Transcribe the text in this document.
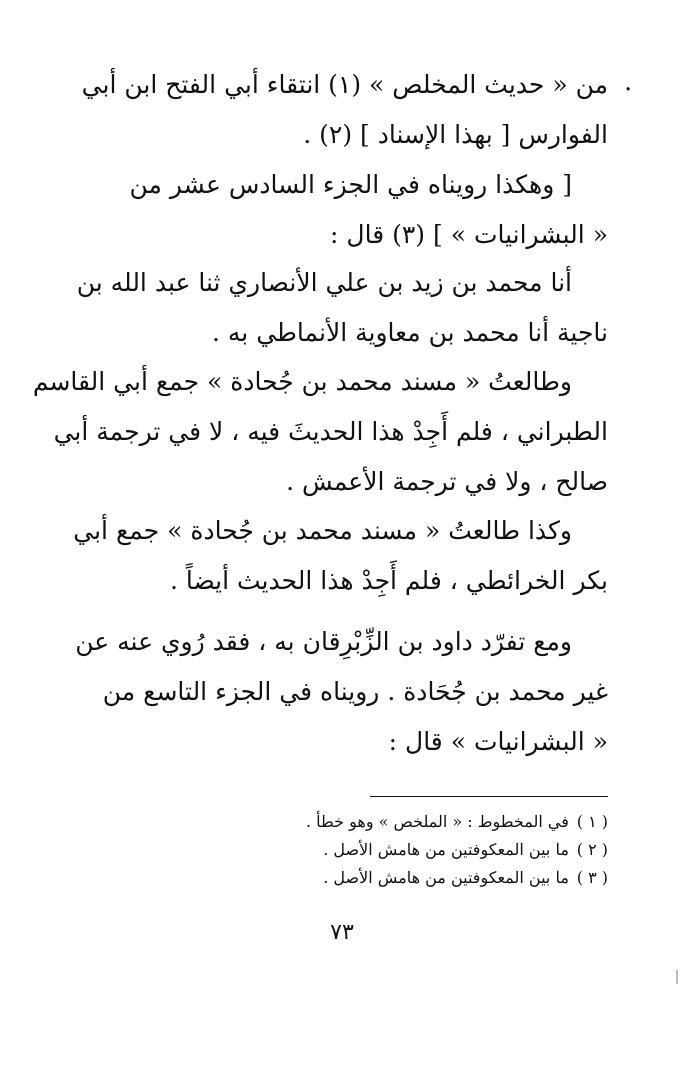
.
من « حديث المخلص » (١) انتقاء أبي الفتح ابن أبي
الفوارس [ بهذا الإسناد ] (٢) .
[ وهكذا رويناه في الجزء السادس عشر من
« البشرانيات » ] (٣) قال :
أنا محمد بن زيد بن علي الأنصاري ثنا عبد الله بن
ناجية أنا محمد بن معاوية الأنماطي به .
وطالعتُ « مسند محمد بن جُحادة » جمع أبي القاسم
الطبراني ، فلم أَجِدْ هذا الحديثَ فيه ، لا في ترجمة أبي
صالح ، ولا في ترجمة الأعمش .
وكذا طالعتُ « مسند محمد بن جُحادة » جمع أبي
بكر الخرائطي ، فلم أَجِدْ هذا الحديث أيضاً .
ومع تفرّد داود بن الزِّبْرِقان به ، فقد رُوي عنه عن
غير محمد بن جُحَادة . رويناه في الجزء التاسع من
« البشرانيات » قال :
( ١ ) في المخطوط : « الملخص » وهو خطأ .
( ٢ ) ما بين المعكوفتين من هامش الأصل .
( ٣ ) ما بين المعكوفتين من هامش الأصل .
٧٣
